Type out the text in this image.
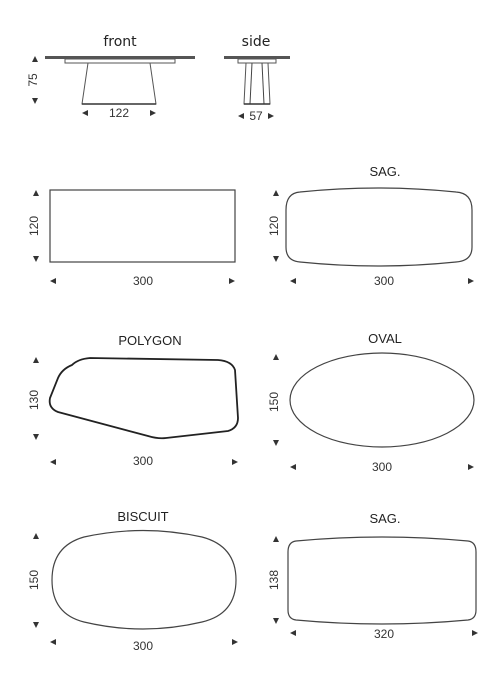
front
75
122
side
57
120
300
SAG.
120
300
POLYGON
130
300
OVAL
150
300
BISCUIT
150
300
SAG.
138
320
